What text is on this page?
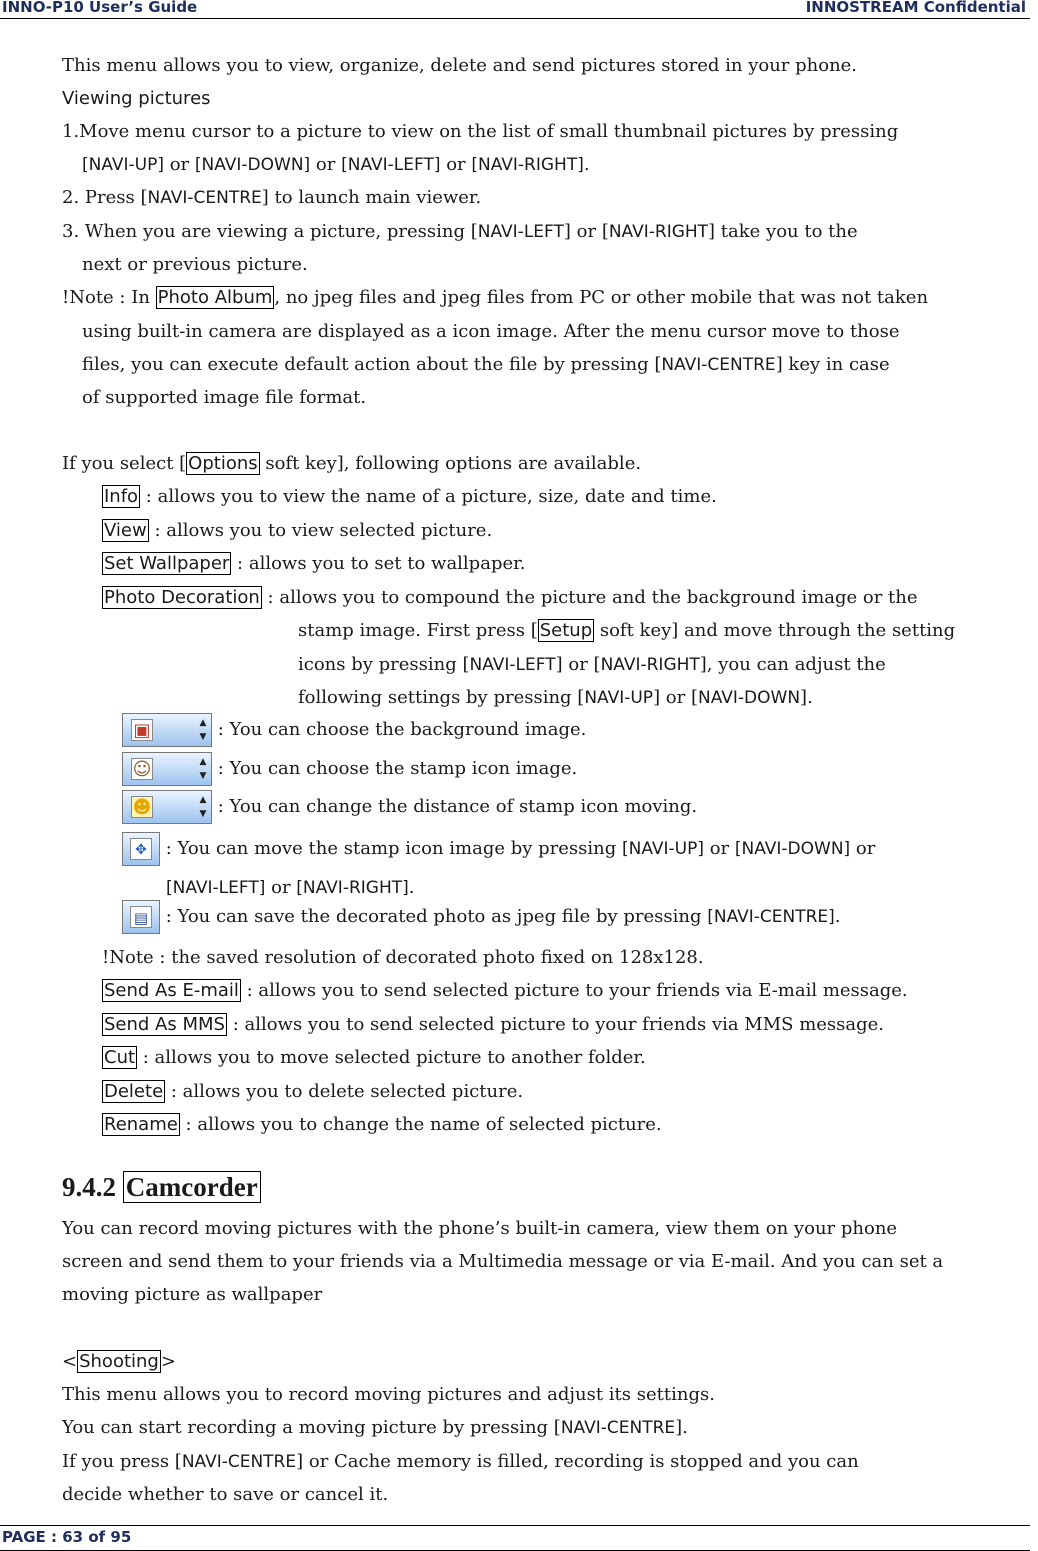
INNO-P10 User’s Guide	INNOSTREAM Confidential
This menu allows you to view, organize, delete and send pictures stored in your phone.
Viewing pictures
1.Move menu cursor to a picture to view on the list of small thumbnail pictures by pressing
[NAVI-UP] or [NAVI-DOWN] or [NAVI-LEFT] or [NAVI-RIGHT].
2. Press [NAVI-CENTRE] to launch main viewer.
3. When you are viewing a picture, pressing [NAVI-LEFT] or [NAVI-RIGHT] take you to the
next or previous picture.
!Note : In Photo Album , no jpeg files and jpeg files from PC or other mobile that was not taken
using built-in camera are displayed as a icon image. After the menu cursor move to those
files, you can execute default action about the file by pressing [NAVI-CENTRE] key in case
of supported image file format.
If you select [ Options soft key], following options are available.
Info : allows you to view the name of a picture, size, date and time.
View : allows you to view selected picture.
Set Wallpaper : allows you to set to wallpaper.
Photo Decoration : allows you to compound the picture and the background image or the
stamp image. First press [ Setup soft key] and move through the setting
icons by pressing [NAVI-LEFT] or [NAVI-RIGHT], you can adjust the
following settings by pressing [NAVI-UP] or [NAVI-DOWN].
▣	▲
▼ : You can choose the background image.
☺	▲
▼ : You can choose the stamp icon image.
☻	▲
▼ : You can change the distance of stamp icon moving.
✥ : You can move the stamp icon image by pressing [NAVI-UP] or [NAVI-DOWN] or
[NAVI-LEFT] or [NAVI-RIGHT].
▤ : You can save the decorated photo as jpeg file by pressing [NAVI-CENTRE].
!Note : the saved resolution of decorated photo fixed on 128x128.
Send As E-mail : allows you to send selected picture to your friends via E-mail message.
Send As MMS : allows you to send selected picture to your friends via MMS message.
Cut : allows you to move selected picture to another folder.
Delete : allows you to delete selected picture.
Rename : allows you to change the name of selected picture.
9.4.2 Camcorder
You can record moving pictures with the phone’s built-in camera, view them on your phone
screen and send them to your friends via a Multimedia message or via E-mail. And you can set a
moving picture as wallpaper
< Shooting >
This menu allows you to record moving pictures and adjust its settings.
You can start recording a moving picture by pressing [NAVI-CENTRE].
If you press [NAVI-CENTRE] or Cache memory is filled, recording is stopped and you can
decide whether to save or cancel it.
PAGE : 63 of 95
